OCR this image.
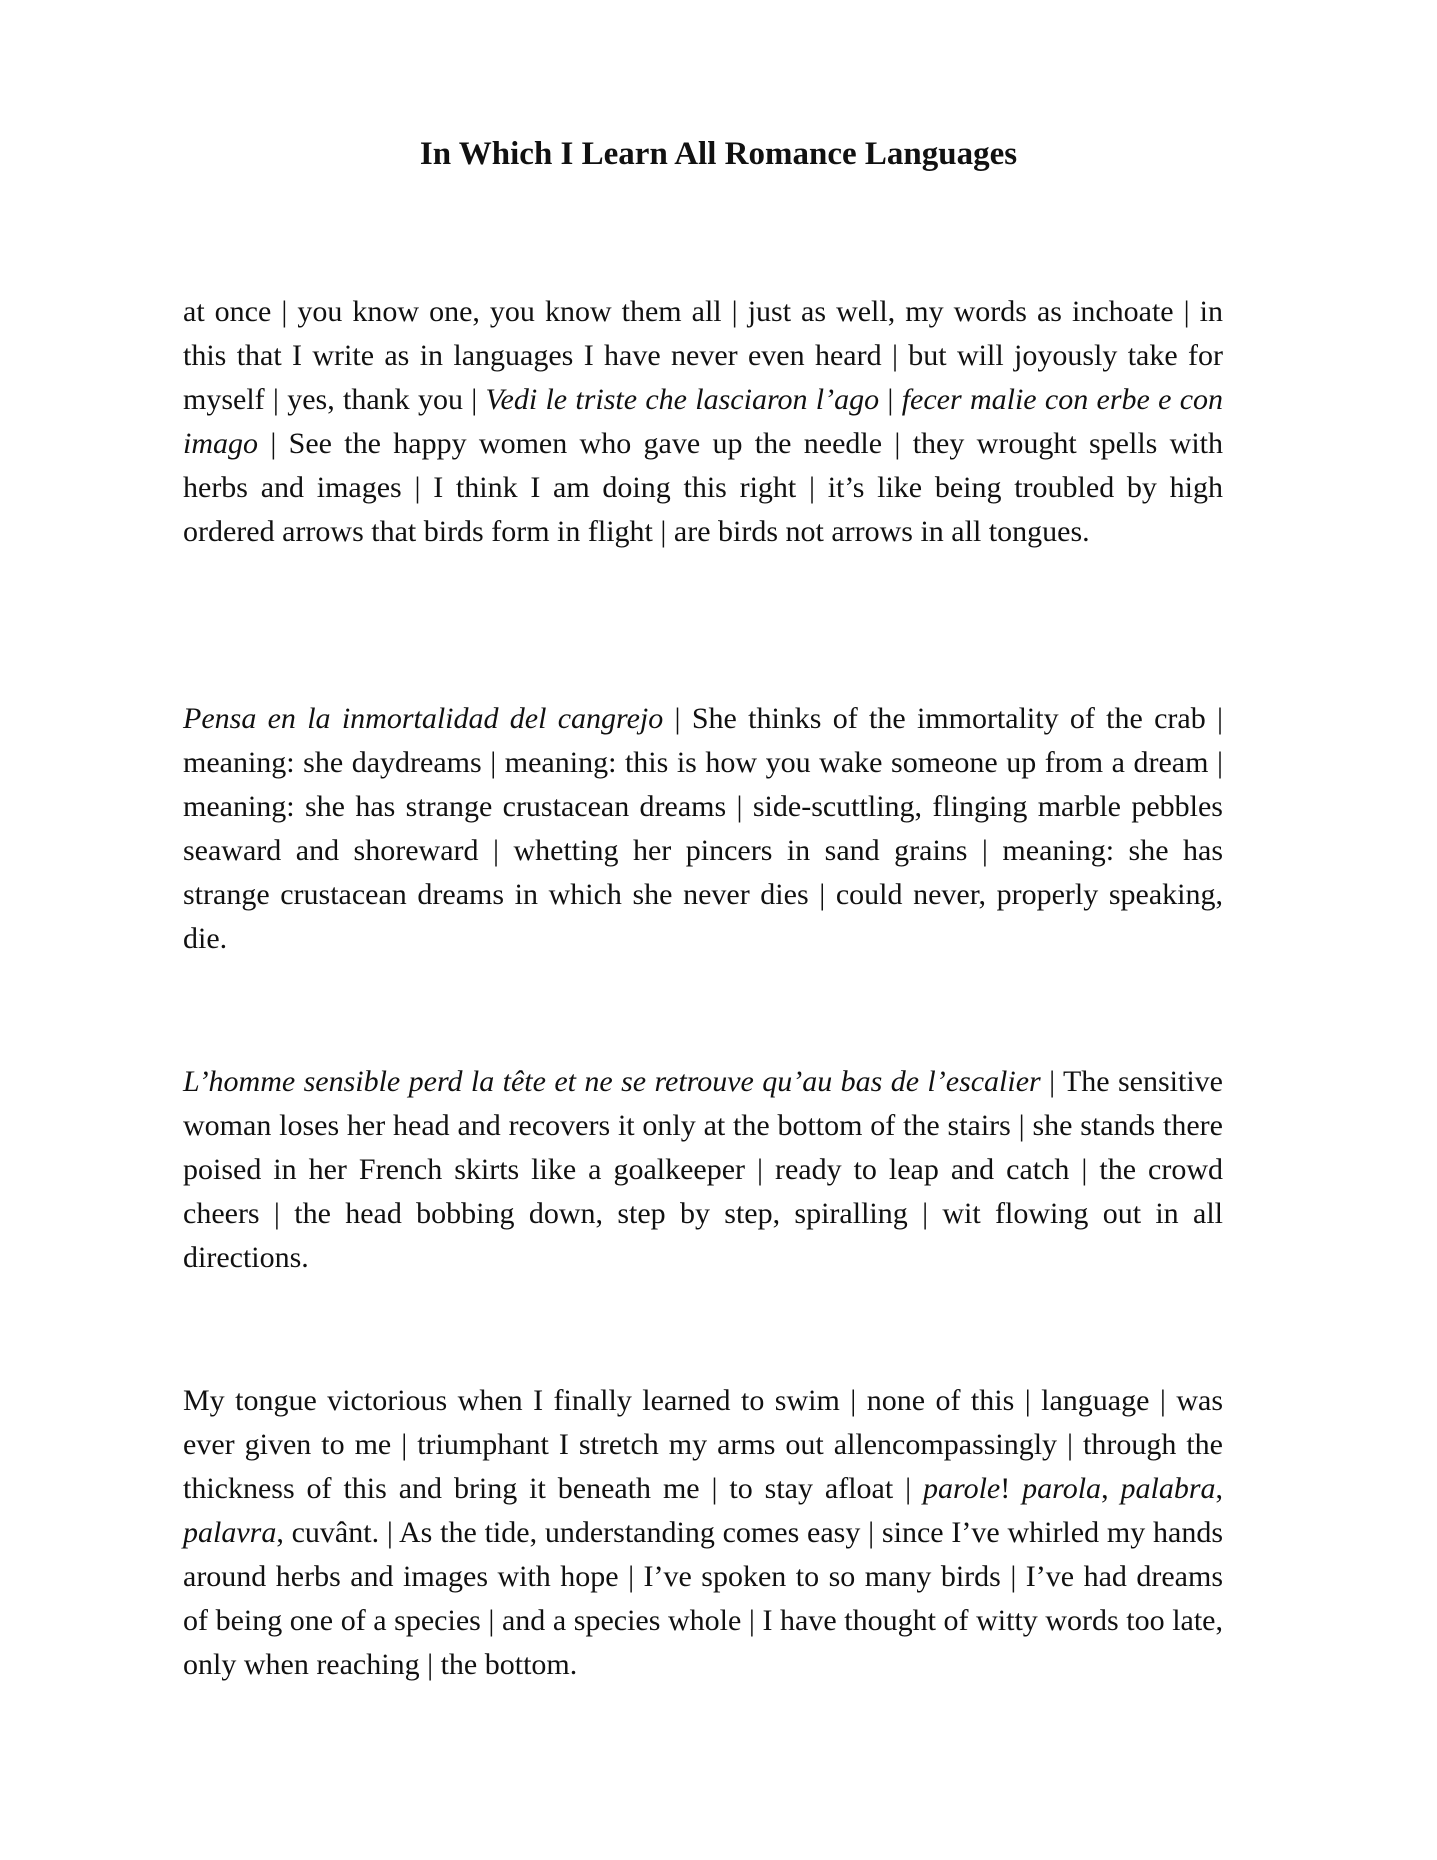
In Which I Learn All Romance Languages

at once | you know one, you know them all | just as well, my words as inchoate | in this that I write as in languages I have never even heard | but will joyously take for myself | yes, thank you | Vedi le triste che lasciaron l’ago | fecer malie con erbe e con imago | See the happy women who gave up the needle | they wrought spells with herbs and images | I think I am doing this right | it’s like being troubled by high ordered arrows that birds form in flight | are birds not arrows in all tongues.

Pensa en la inmortalidad del cangrejo | She thinks of the immortality of the crab | meaning: she daydreams | meaning: this is how you wake someone up from a dream | meaning: she has strange crustacean dreams | side-scuttling, flinging marble pebbles seaward and shoreward | whetting her pincers in sand grains | meaning: she has strange crustacean dreams in which she never dies | could never, properly speaking, die.

L’homme sensible perd la tête et ne se retrouve qu’au bas de l’escalier | The sensitive woman loses her head and recovers it only at the bottom of the stairs | she stands there poised in her French skirts like a goalkeeper | ready to leap and catch | the crowd cheers | the head bobbing down, step by step, spiralling | wit flowing out in all directions.

My tongue victorious when I finally learned to swim | none of this | language | was ever given to me | triumphant I stretch my arms out allencompassingly | through the thickness of this and bring it beneath me | to stay afloat | parole! parola, palabra, palavra, cuvânt. | As the tide, understanding comes easy | since I’ve whirled my hands around herbs and images with hope | I’ve spoken to so many birds | I’ve had dreams of being one of a species | and a species whole | I have thought of witty words too late, only when reaching | the bottom.
